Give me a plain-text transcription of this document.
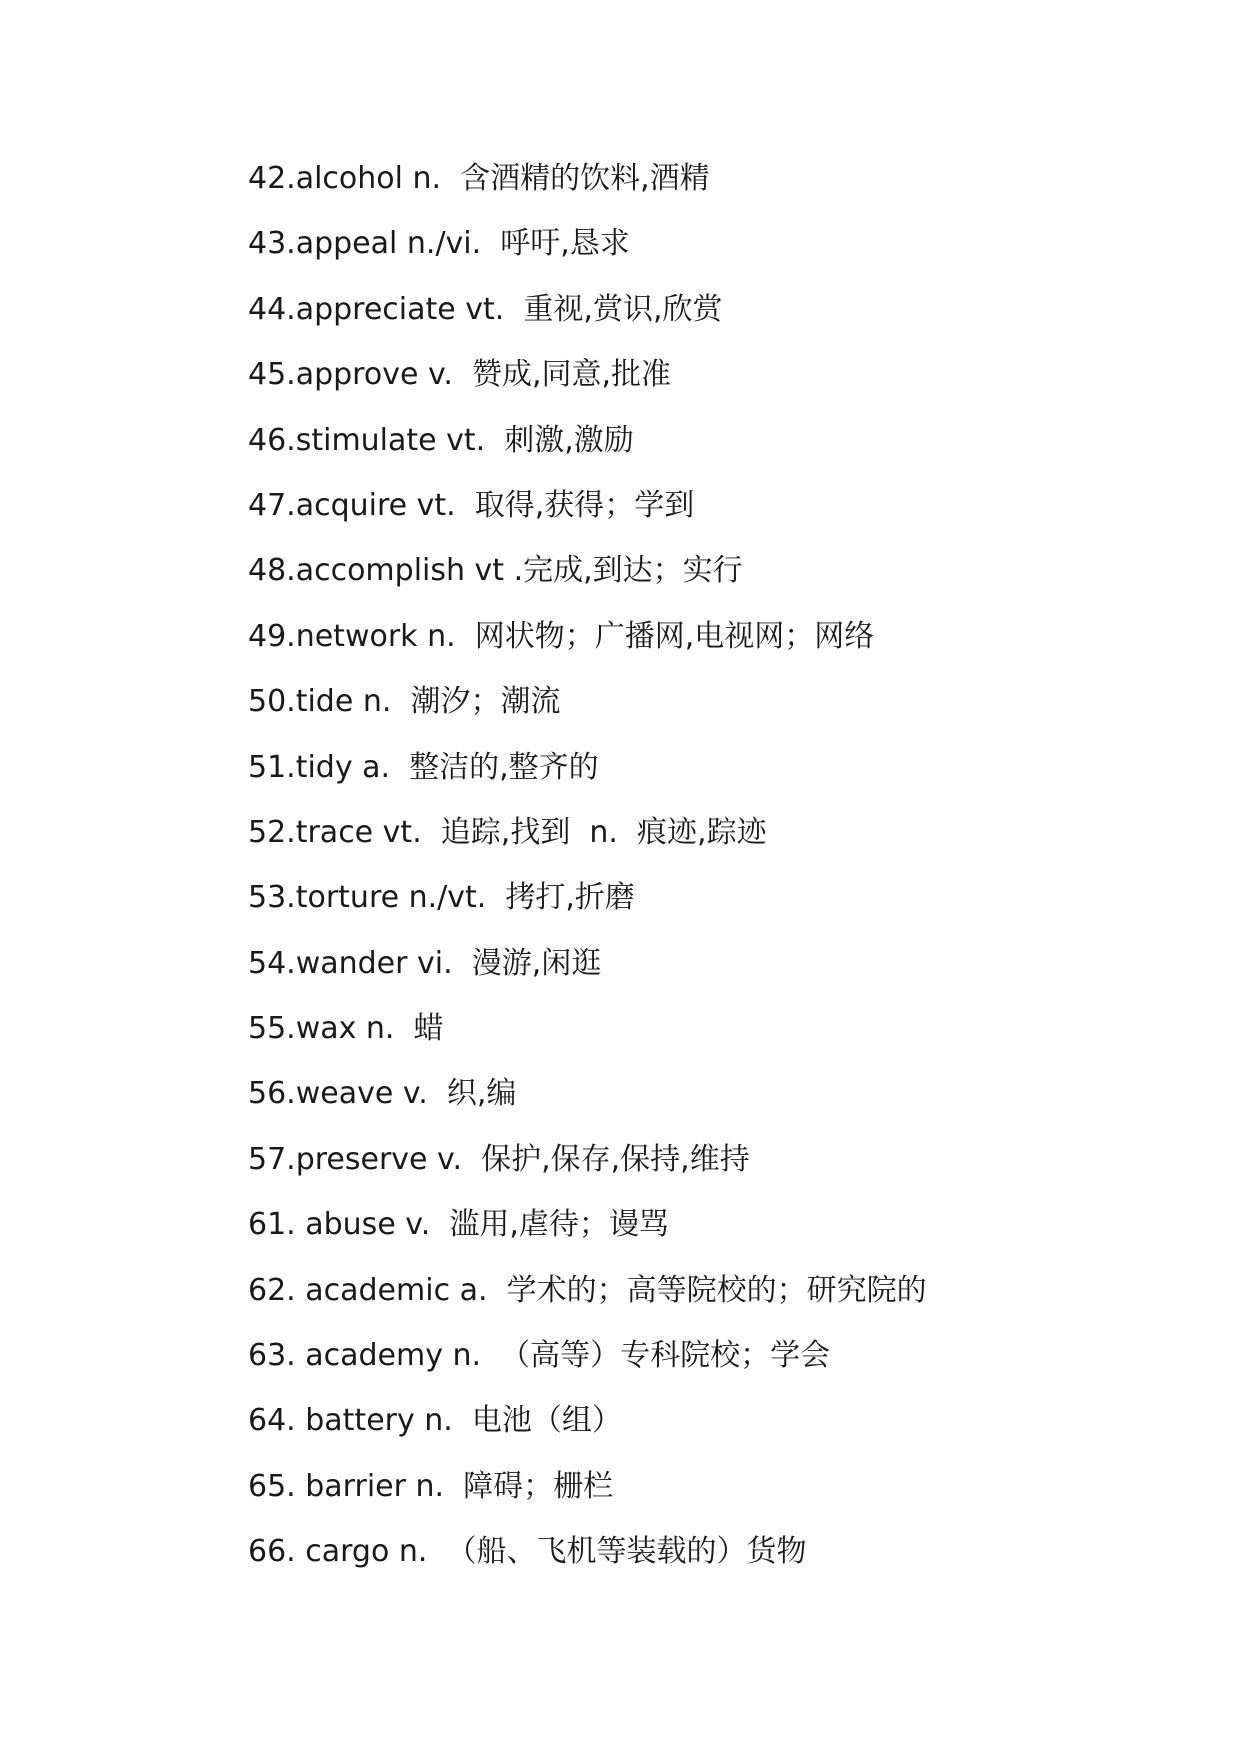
42.alcohol n.  含酒精的饮料,酒精
43.appeal n./vi.  呼吁,恳求
44.appreciate vt.  重视,赏识,欣赏
45.approve v.  赞成,同意,批准
46.stimulate vt.  刺激,激励
47.acquire vt.  取得,获得；学到
48.accomplish vt .完成,到达；实行
49.network n.  网状物；广播网,电视网；网络
50.tide n.  潮汐；潮流
51.tidy a.  整洁的,整齐的
52.trace vt.  追踪,找到  n.  痕迹,踪迹
53.torture n./vt.  拷打,折磨
54.wander vi.  漫游,闲逛
55.wax n.  蜡
56.weave v.  织,编
57.preserve v.  保护,保存,保持,维持
61. abuse v.  滥用,虐待；谩骂
62. academic a.  学术的；高等院校的；研究院的
63. academy n.  （高等）专科院校；学会
64. battery n.  电池（组）
65. barrier n.  障碍；栅栏
66. cargo n.  （船、飞机等装载的）货物
